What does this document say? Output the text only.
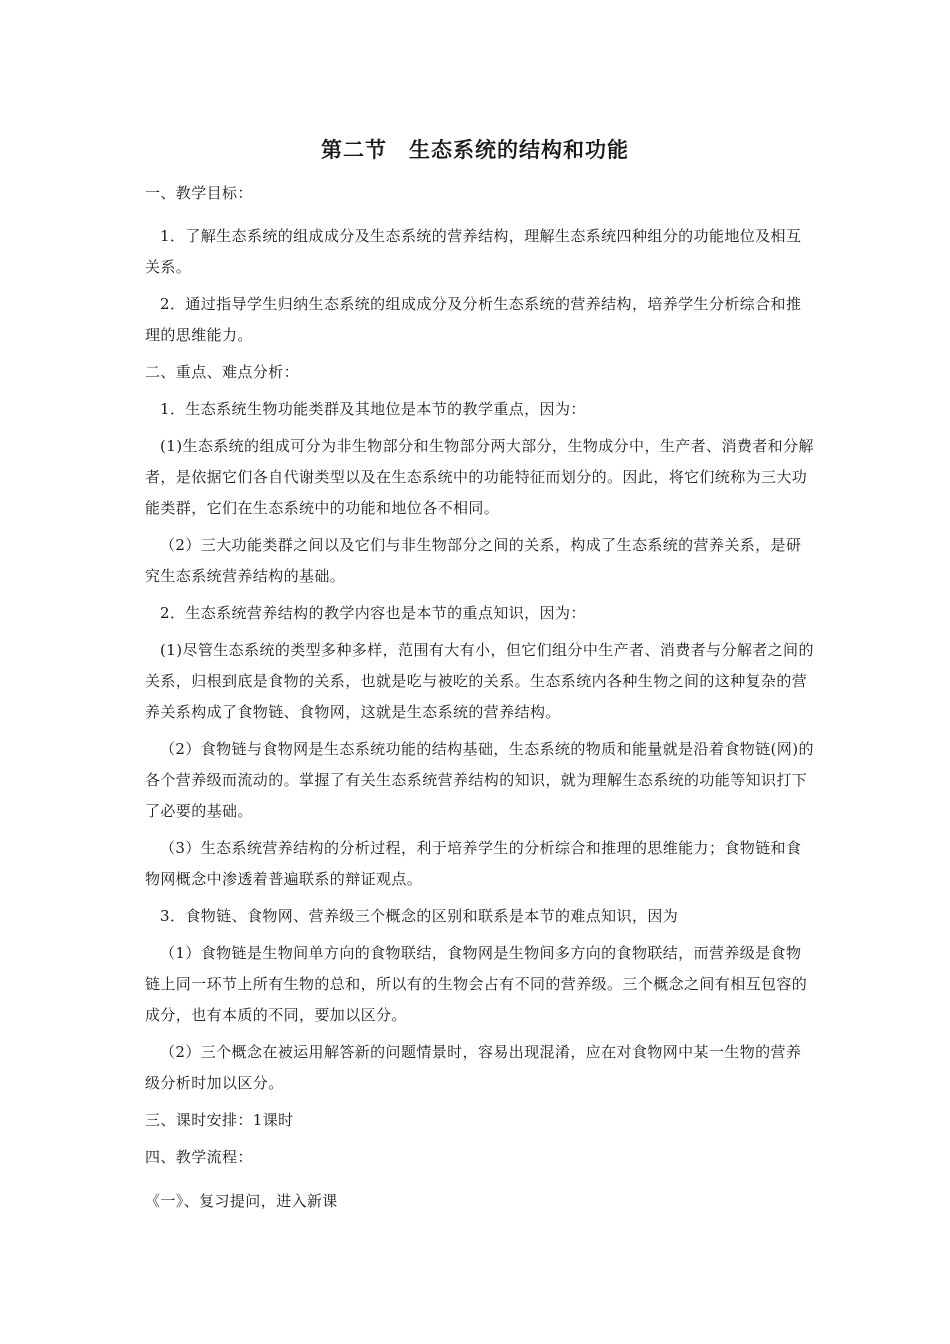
第二节　生态系统的结构和功能

一、教学目标：

1．了解生态系统的组成成分及生态系统的营养结构，理解生态系统四种组分的功能地位及相互关系。

2．通过指导学生归纳生态系统的组成成分及分析生态系统的营养结构，培养学生分析综合和推理的思维能力。

二、重点、难点分析：

1．生态系统生物功能类群及其地位是本节的教学重点，因为：

(1)生态系统的组成可分为非生物部分和生物部分两大部分，生物成分中，生产者、消费者和分解者，是依据它们各自代谢类型以及在生态系统中的功能特征而划分的。因此，将它们统称为三大功能类群，它们在生态系统中的功能和地位各不相同。

（2）三大功能类群之间以及它们与非生物部分之间的关系，构成了生态系统的营养关系，是研究生态系统营养结构的基础。

2．生态系统营养结构的教学内容也是本节的重点知识，因为：

(1)尽管生态系统的类型多种多样，范围有大有小，但它们组分中生产者、消费者与分解者之间的关系，归根到底是食物的关系，也就是吃与被吃的关系。生态系统内各种生物之间的这种复杂的营养关系构成了食物链、食物网，这就是生态系统的营养结构。

（2）食物链与食物网是生态系统功能的结构基础，生态系统的物质和能量就是沿着食物链(网)的各个营养级而流动的。掌握了有关生态系统营养结构的知识，就为理解生态系统的功能等知识打下了必要的基础。

（3）生态系统营养结构的分析过程，利于培养学生的分析综合和推理的思维能力；食物链和食物网概念中渗透着普遍联系的辩证观点。

3．食物链、食物网、营养级三个概念的区别和联系是本节的难点知识，因为

（1）食物链是生物间单方向的食物联结，食物网是生物间多方向的食物联结，而营养级是食物链上同一环节上所有生物的总和，所以有的生物会占有不同的营养级。三个概念之间有相互包容的成分，也有本质的不同，要加以区分。

（2）三个概念在被运用解答新的问题情景时，容易出现混淆，应在对食物网中某一生物的营养级分析时加以区分。

三、课时安排：1课时

四、教学流程：

《一》、复习提问，进入新课
